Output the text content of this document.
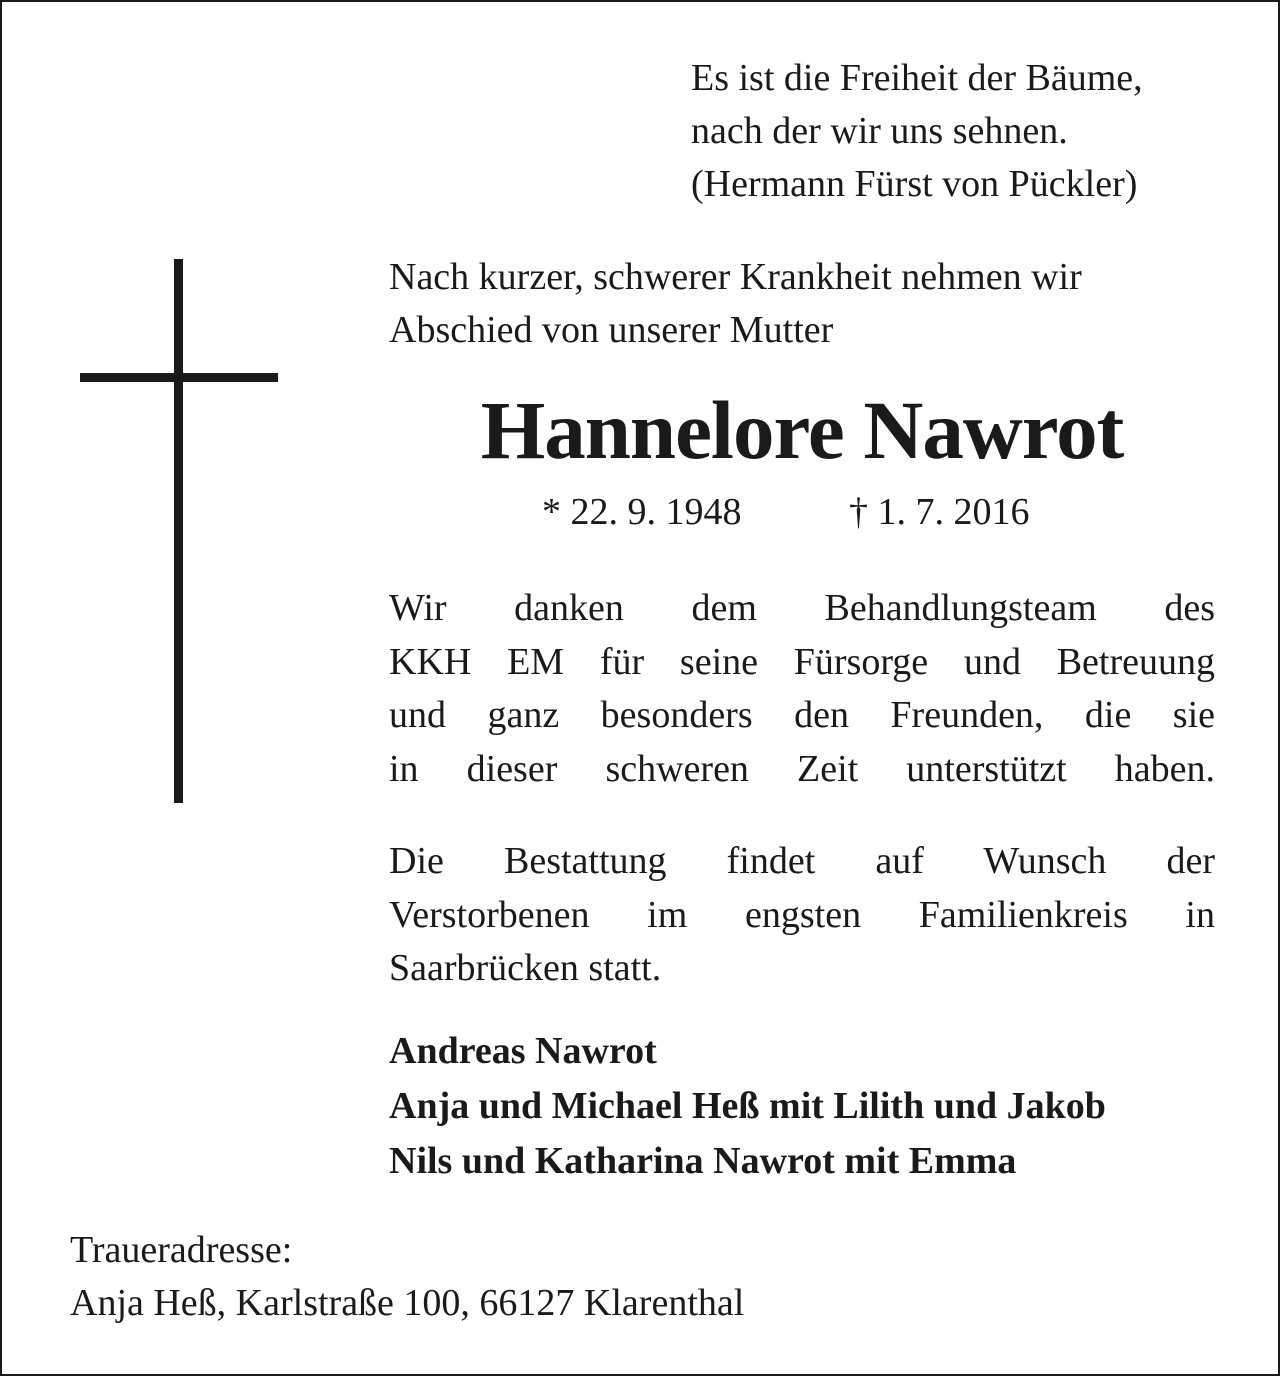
Es ist die Freiheit der Bäume,
nach der wir uns sehnen.
(Hermann Fürst von Pückler)
Nach kurzer, schwerer Krankheit nehmen wir
Abschied von unserer Mutter
Hannelore Nawrot
* 22. 9. 1948	† 1. 7. 2016
Wir danken dem Behandlungsteam des
KKH EM für seine Fürsorge und Betreuung
und ganz besonders den Freunden, die sie
in dieser schweren Zeit unterstützt haben.
Die Bestattung findet auf Wunsch der
Verstorbenen im engsten Familienkreis in
Saarbrücken statt.
Andreas Nawrot
Anja und Michael Heß mit Lilith und Jakob
Nils und Katharina Nawrot mit Emma
Traueradresse:
Anja Heß, Karlstraße 100, 66127 Klarenthal
